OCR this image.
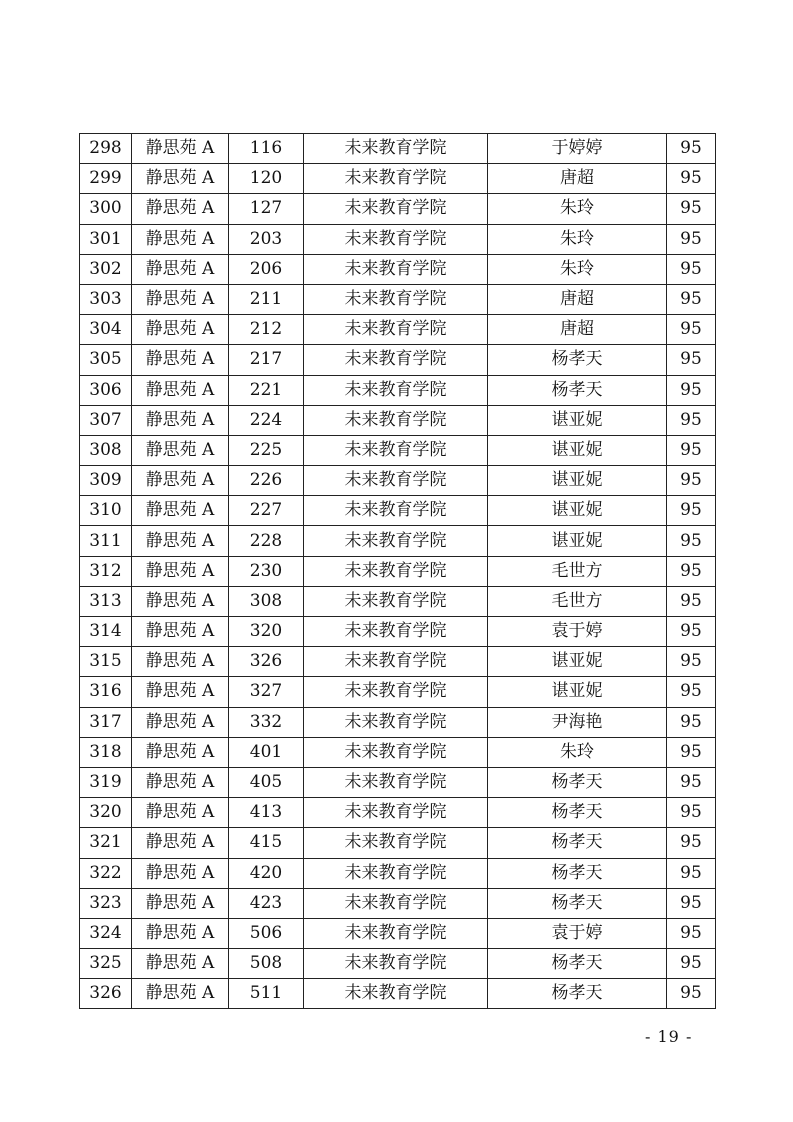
298	静思苑 A	116	未来教育学院	于婷婷	95
299	静思苑 A	120	未来教育学院	唐超	95
300	静思苑 A	127	未来教育学院	朱玲	95
301	静思苑 A	203	未来教育学院	朱玲	95
302	静思苑 A	206	未来教育学院	朱玲	95
303	静思苑 A	211	未来教育学院	唐超	95
304	静思苑 A	212	未来教育学院	唐超	95
305	静思苑 A	217	未来教育学院	杨孝天	95
306	静思苑 A	221	未来教育学院	杨孝天	95
307	静思苑 A	224	未来教育学院	谌亚妮	95
308	静思苑 A	225	未来教育学院	谌亚妮	95
309	静思苑 A	226	未来教育学院	谌亚妮	95
310	静思苑 A	227	未来教育学院	谌亚妮	95
311	静思苑 A	228	未来教育学院	谌亚妮	95
312	静思苑 A	230	未来教育学院	毛世方	95
313	静思苑 A	308	未来教育学院	毛世方	95
314	静思苑 A	320	未来教育学院	袁于婷	95
315	静思苑 A	326	未来教育学院	谌亚妮	95
316	静思苑 A	327	未来教育学院	谌亚妮	95
317	静思苑 A	332	未来教育学院	尹海艳	95
318	静思苑 A	401	未来教育学院	朱玲	95
319	静思苑 A	405	未来教育学院	杨孝天	95
320	静思苑 A	413	未来教育学院	杨孝天	95
321	静思苑 A	415	未来教育学院	杨孝天	95
322	静思苑 A	420	未来教育学院	杨孝天	95
323	静思苑 A	423	未来教育学院	杨孝天	95
324	静思苑 A	506	未来教育学院	袁于婷	95
325	静思苑 A	508	未来教育学院	杨孝天	95
326	静思苑 A	511	未来教育学院	杨孝天	95
- 19 -
